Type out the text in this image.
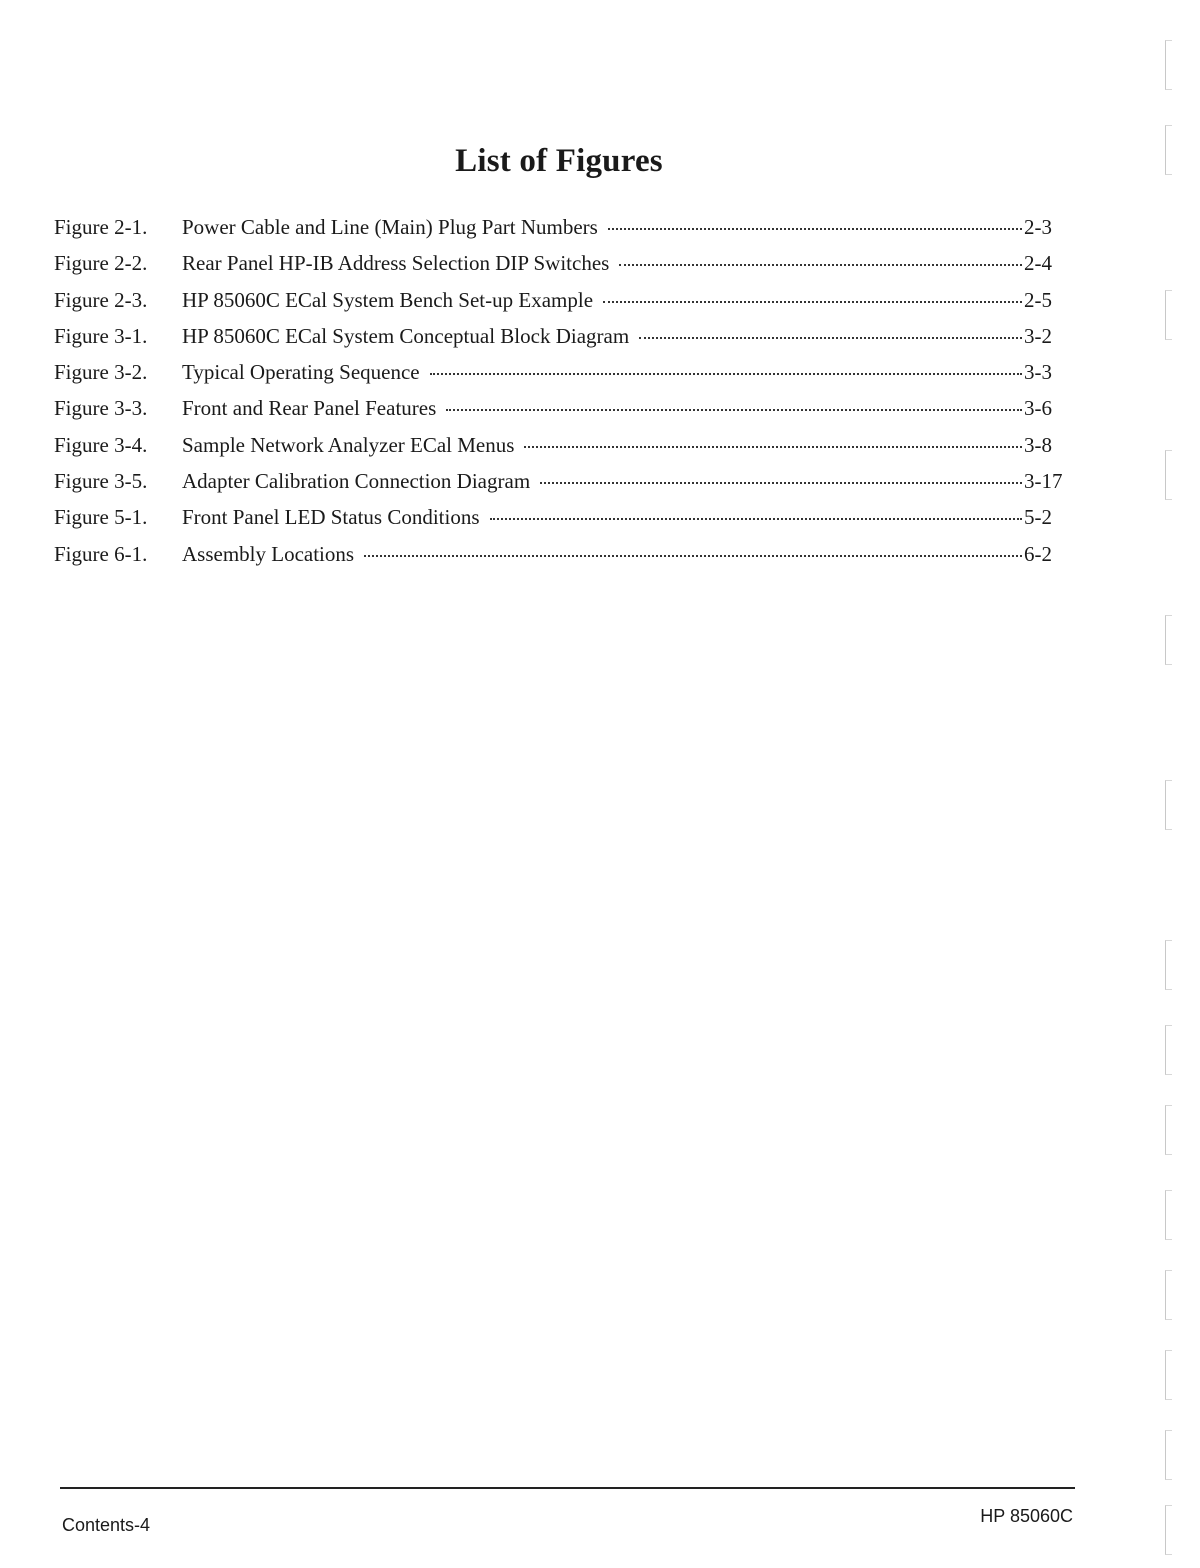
List of Figures
Figure 2-1.	Power Cable and Line (Main) Plug Part Numbers	2-3
Figure 2-2.	Rear Panel HP-IB Address Selection DIP Switches	2-4
Figure 2-3.	HP 85060C ECal System Bench Set-up Example	2-5
Figure 3-1.	HP 85060C ECal System Conceptual Block Diagram	3-2
Figure 3-2.	Typical Operating Sequence	3-3
Figure 3-3.	Front and Rear Panel Features	3-6
Figure 3-4.	Sample Network Analyzer ECal Menus	3-8
Figure 3-5.	Adapter Calibration Connection Diagram	3-17
Figure 5-1.	Front Panel LED Status Conditions	5-2
Figure 6-1.	Assembly Locations	6-2
Contents-4	HP 85060C
